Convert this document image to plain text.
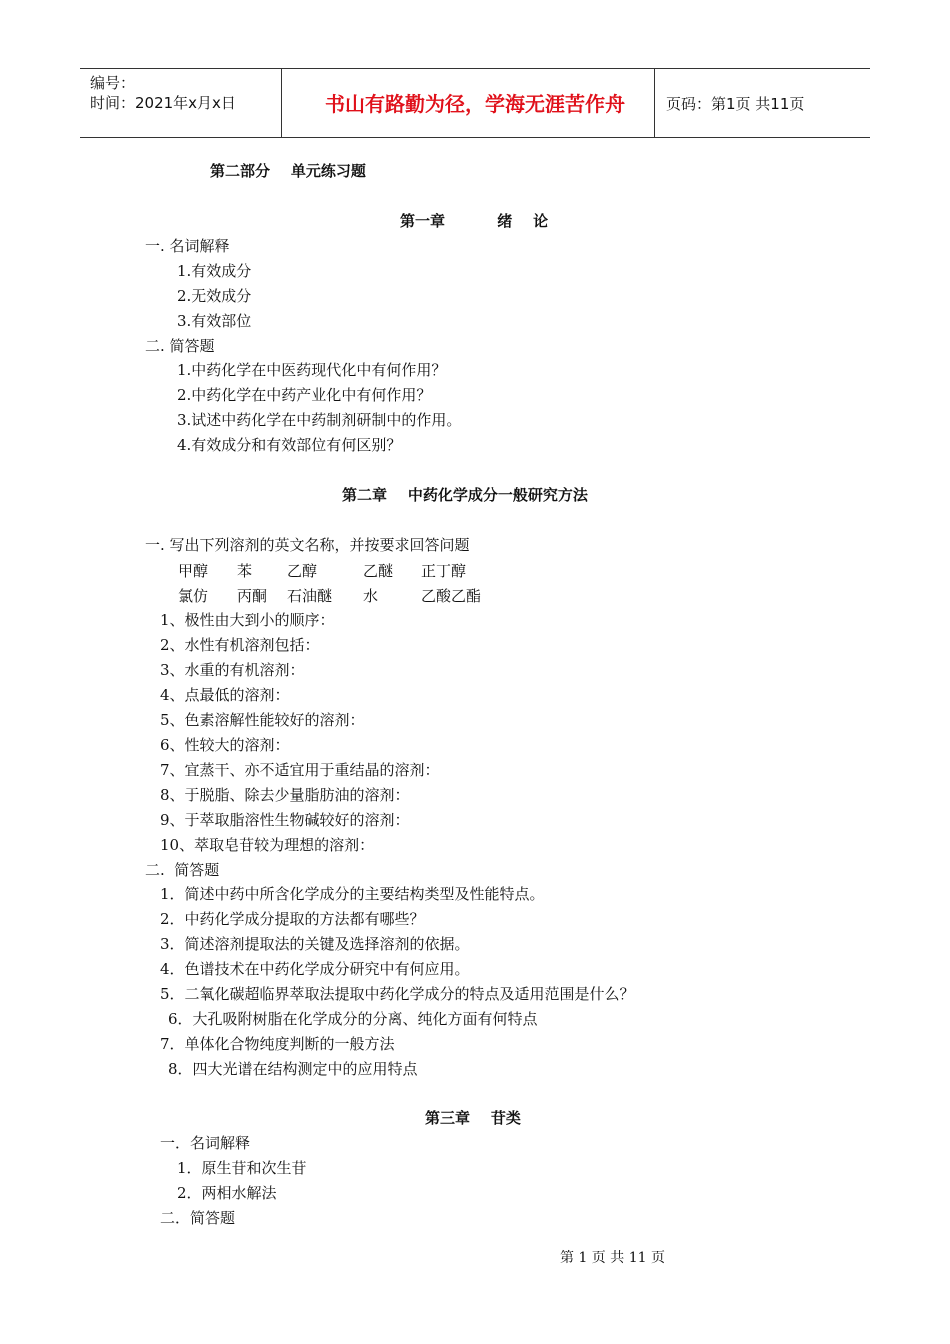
编号：
时间：2021年x月x日	书山有路勤为径，学海无涯苦作舟	页码：第1页 共11页
第二部分    单元练习题
第一章          绪    论
一. 名词解释
1.有效成分
2.无效成分
3.有效部位
二. 简答题
1.中药化学在中医药现代化中有何作用？
2.中药化学在中药产业化中有何作用？
3.试述中药化学在中药制剂研制中的作用。
4.有效成分和有效部位有何区别？
第二章    中药化学成分一般研究方法
一. 写出下列溶剂的英文名称，并按要求回答问题
甲醇 苯 乙醇	乙醚 正丁醇
氯仿 丙酮 石油醚 水	乙酸乙酯
1、极性由大到小的顺序：
2、水性有机溶剂包括：
3、水重的有机溶剂：
4、点最低的溶剂：
5、色素溶解性能较好的溶剂：
6、性较大的溶剂：
7、宜蒸干、亦不适宜用于重结晶的溶剂：
8、于脱脂、除去少量脂肪油的溶剂：
9、于萃取脂溶性生物碱较好的溶剂：
10、萃取皂苷较为理想的溶剂：
二.  简答题
1．简述中药中所含化学成分的主要结构类型及性能特点。
2．中药化学成分提取的方法都有哪些？
3．简述溶剂提取法的关键及选择溶剂的依据。
4．色谱技术在中药化学成分研究中有何应用。
5．二氧化碳超临界萃取法提取中药化学成分的特点及适用范围是什么？
6．大孔吸附树脂在化学成分的分离、纯化方面有何特点
7．单体化合物纯度判断的一般方法
8．四大光谱在结构测定中的应用特点
第三章    苷类
一．名词解释
1．原生苷和次生苷
2．两相水解法
二．简答题
第 1 页 共 11 页
